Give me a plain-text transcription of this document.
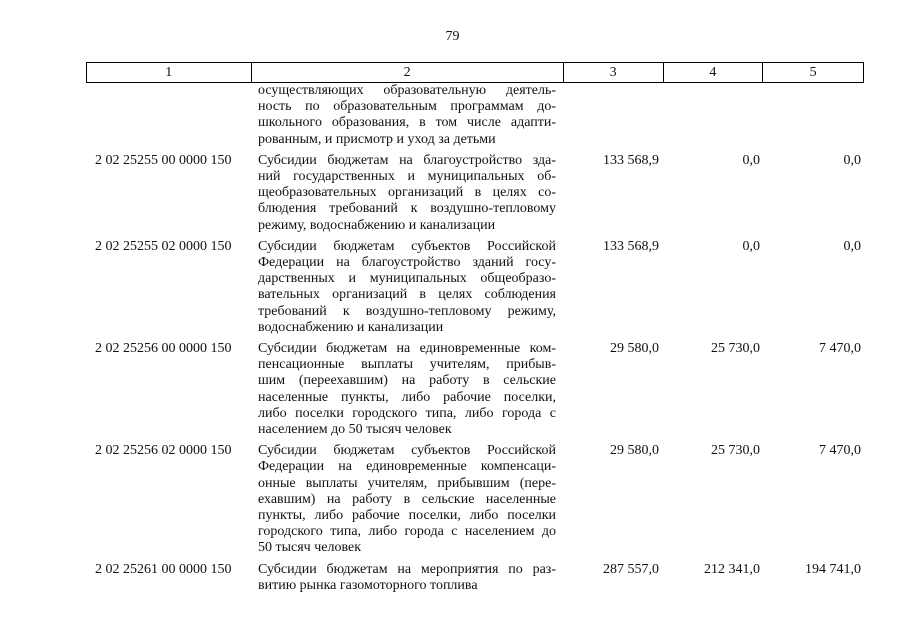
79
1	2	3	4	5
осуществляющих образовательную деятель-
ность по образовательным программам до-
школьного образования, в том числе адапти-
рованным, и присмотр и уход за детьми
2 02 25255 00 0000 150	Субсидии бюджетам на благоустройство зда-
ний государственных и муниципальных об-
щеобразовательных организаций в целях со-
блюдения требований к воздушно-тепловому
режиму, водоснабжению и канализации
133 568,9	0,0	0,0
2 02 25255 02 0000 150	Субсидии бюджетам субъектов Российской
Федерации на благоустройство зданий госу-
дарственных и муниципальных общеобразо-
вательных организаций в целях соблюдения
требований к воздушно-тепловому режиму,
водоснабжению и канализации
133 568,9	0,0	0,0
2 02 25256 00 0000 150	Субсидии бюджетам на единовременные ком-
пенсационные выплаты учителям, прибыв-
шим (переехавшим) на работу в сельские
населенные пункты, либо рабочие поселки,
либо поселки городского типа, либо города с
населением до 50 тысяч человек
29 580,0	25 730,0	7 470,0
2 02 25256 02 0000 150	Субсидии бюджетам субъектов Российской
Федерации на единовременные компенсаци-
онные выплаты учителям, прибывшим (пере-
ехавшим) на работу в сельские населенные
пункты, либо рабочие поселки, либо поселки
городского типа, либо города с населением до
50 тысяч человек
29 580,0	25 730,0	7 470,0
2 02 25261 00 0000 150	Субсидии бюджетам на мероприятия по раз-
витию рынка газомоторного топлива
287 557,0	212 341,0	194 741,0
